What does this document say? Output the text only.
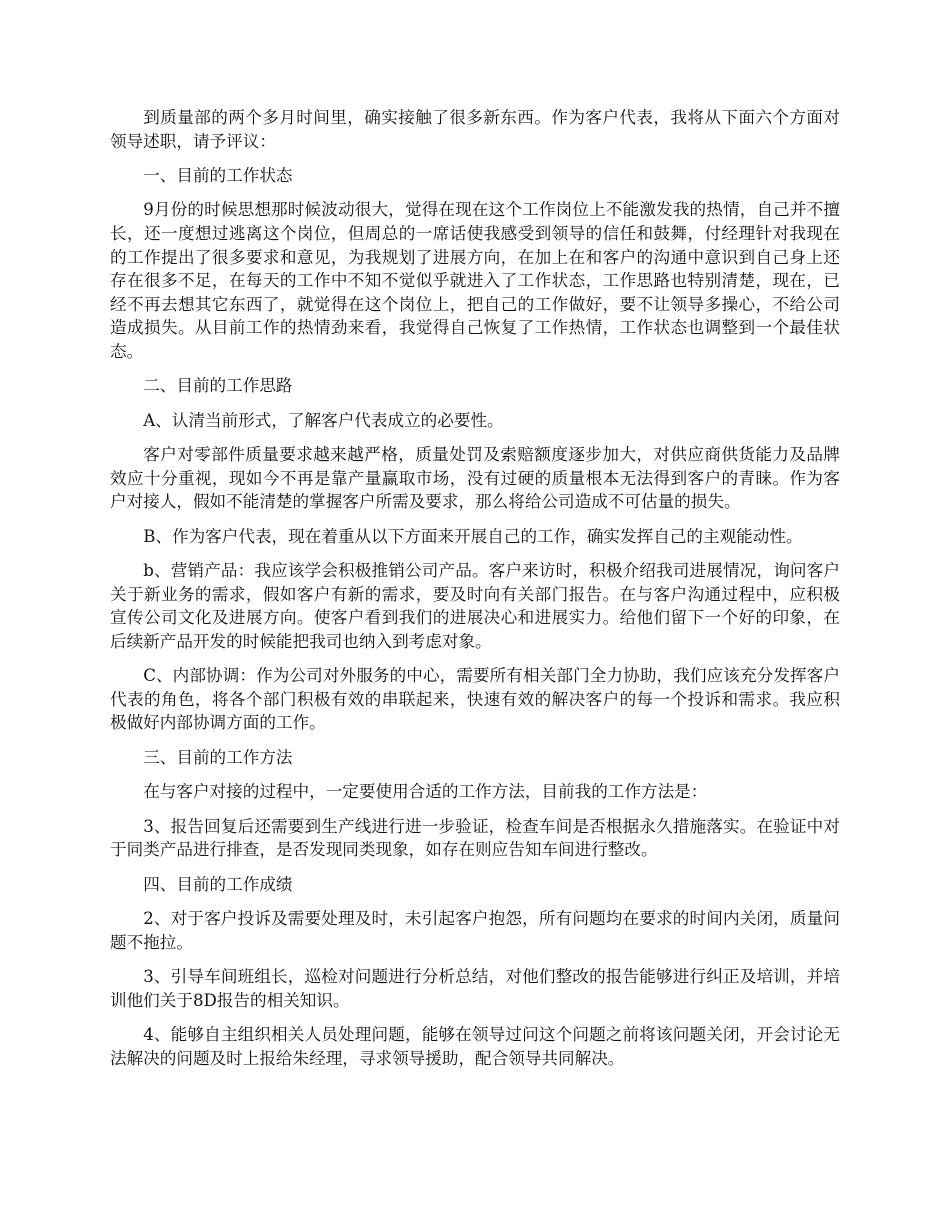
到质量部的两个多月时间里，确实接触了很多新东西。作为客户代表，我将从下面六个方面对领导述职，请予评议：

一、目前的工作状态

9月份的时候思想那时候波动很大，觉得在现在这个工作岗位上不能激发我的热情，自己并不擅长，还一度想过逃离这个岗位，但周总的一席话使我感受到领导的信任和鼓舞，付经理针对我现在的工作提出了很多要求和意见，为我规划了进展方向，在加上在和客户的沟通中意识到自己身上还存在很多不足，在每天的工作中不知不觉似乎就进入了工作状态，工作思路也特别清楚，现在，已经不再去想其它东西了，就觉得在这个岗位上，把自己的工作做好，要不让领导多操心，不给公司造成损失。从目前工作的热情劲来看，我觉得自己恢复了工作热情，工作状态也调整到一个最佳状态。

二、目前的工作思路

A、认清当前形式，了解客户代表成立的必要性。

客户对零部件质量要求越来越严格，质量处罚及索赔额度逐步加大，对供应商供货能力及品牌效应十分重视，现如今不再是靠产量赢取市场，没有过硬的质量根本无法得到客户的青睐。作为客户对接人，假如不能清楚的掌握客户所需及要求，那么将给公司造成不可估量的损失。

B、作为客户代表，现在着重从以下方面来开展自己的工作，确实发挥自己的主观能动性。

b、营销产品：我应该学会积极推销公司产品。客户来访时，积极介绍我司进展情况，询问客户关于新业务的需求，假如客户有新的需求，要及时向有关部门报告。在与客户沟通过程中，应积极宣传公司文化及进展方向。使客户看到我们的进展决心和进展实力。给他们留下一个好的印象，在后续新产品开发的时候能把我司也纳入到考虑对象。

C、内部协调：作为公司对外服务的中心，需要所有相关部门全力协助，我们应该充分发挥客户代表的角色，将各个部门积极有效的串联起来，快速有效的解决客户的每一个投诉和需求。我应积极做好内部协调方面的工作。

三、目前的工作方法

在与客户对接的过程中，一定要使用合适的工作方法，目前我的工作方法是：

3、报告回复后还需要到生产线进行进一步验证，检查车间是否根据永久措施落实。在验证中对于同类产品进行排查，是否发现同类现象，如存在则应告知车间进行整改。

四、目前的工作成绩

2、对于客户投诉及需要处理及时，未引起客户抱怨，所有问题均在要求的时间内关闭，质量问题不拖拉。

3、引导车间班组长，巡检对问题进行分析总结，对他们整改的报告能够进行纠正及培训，并培训他们关于8D报告的相关知识。

4、能够自主组织相关人员处理问题，能够在领导过问这个问题之前将该问题关闭，开会讨论无法解决的问题及时上报给朱经理，寻求领导援助，配合领导共同解决。
